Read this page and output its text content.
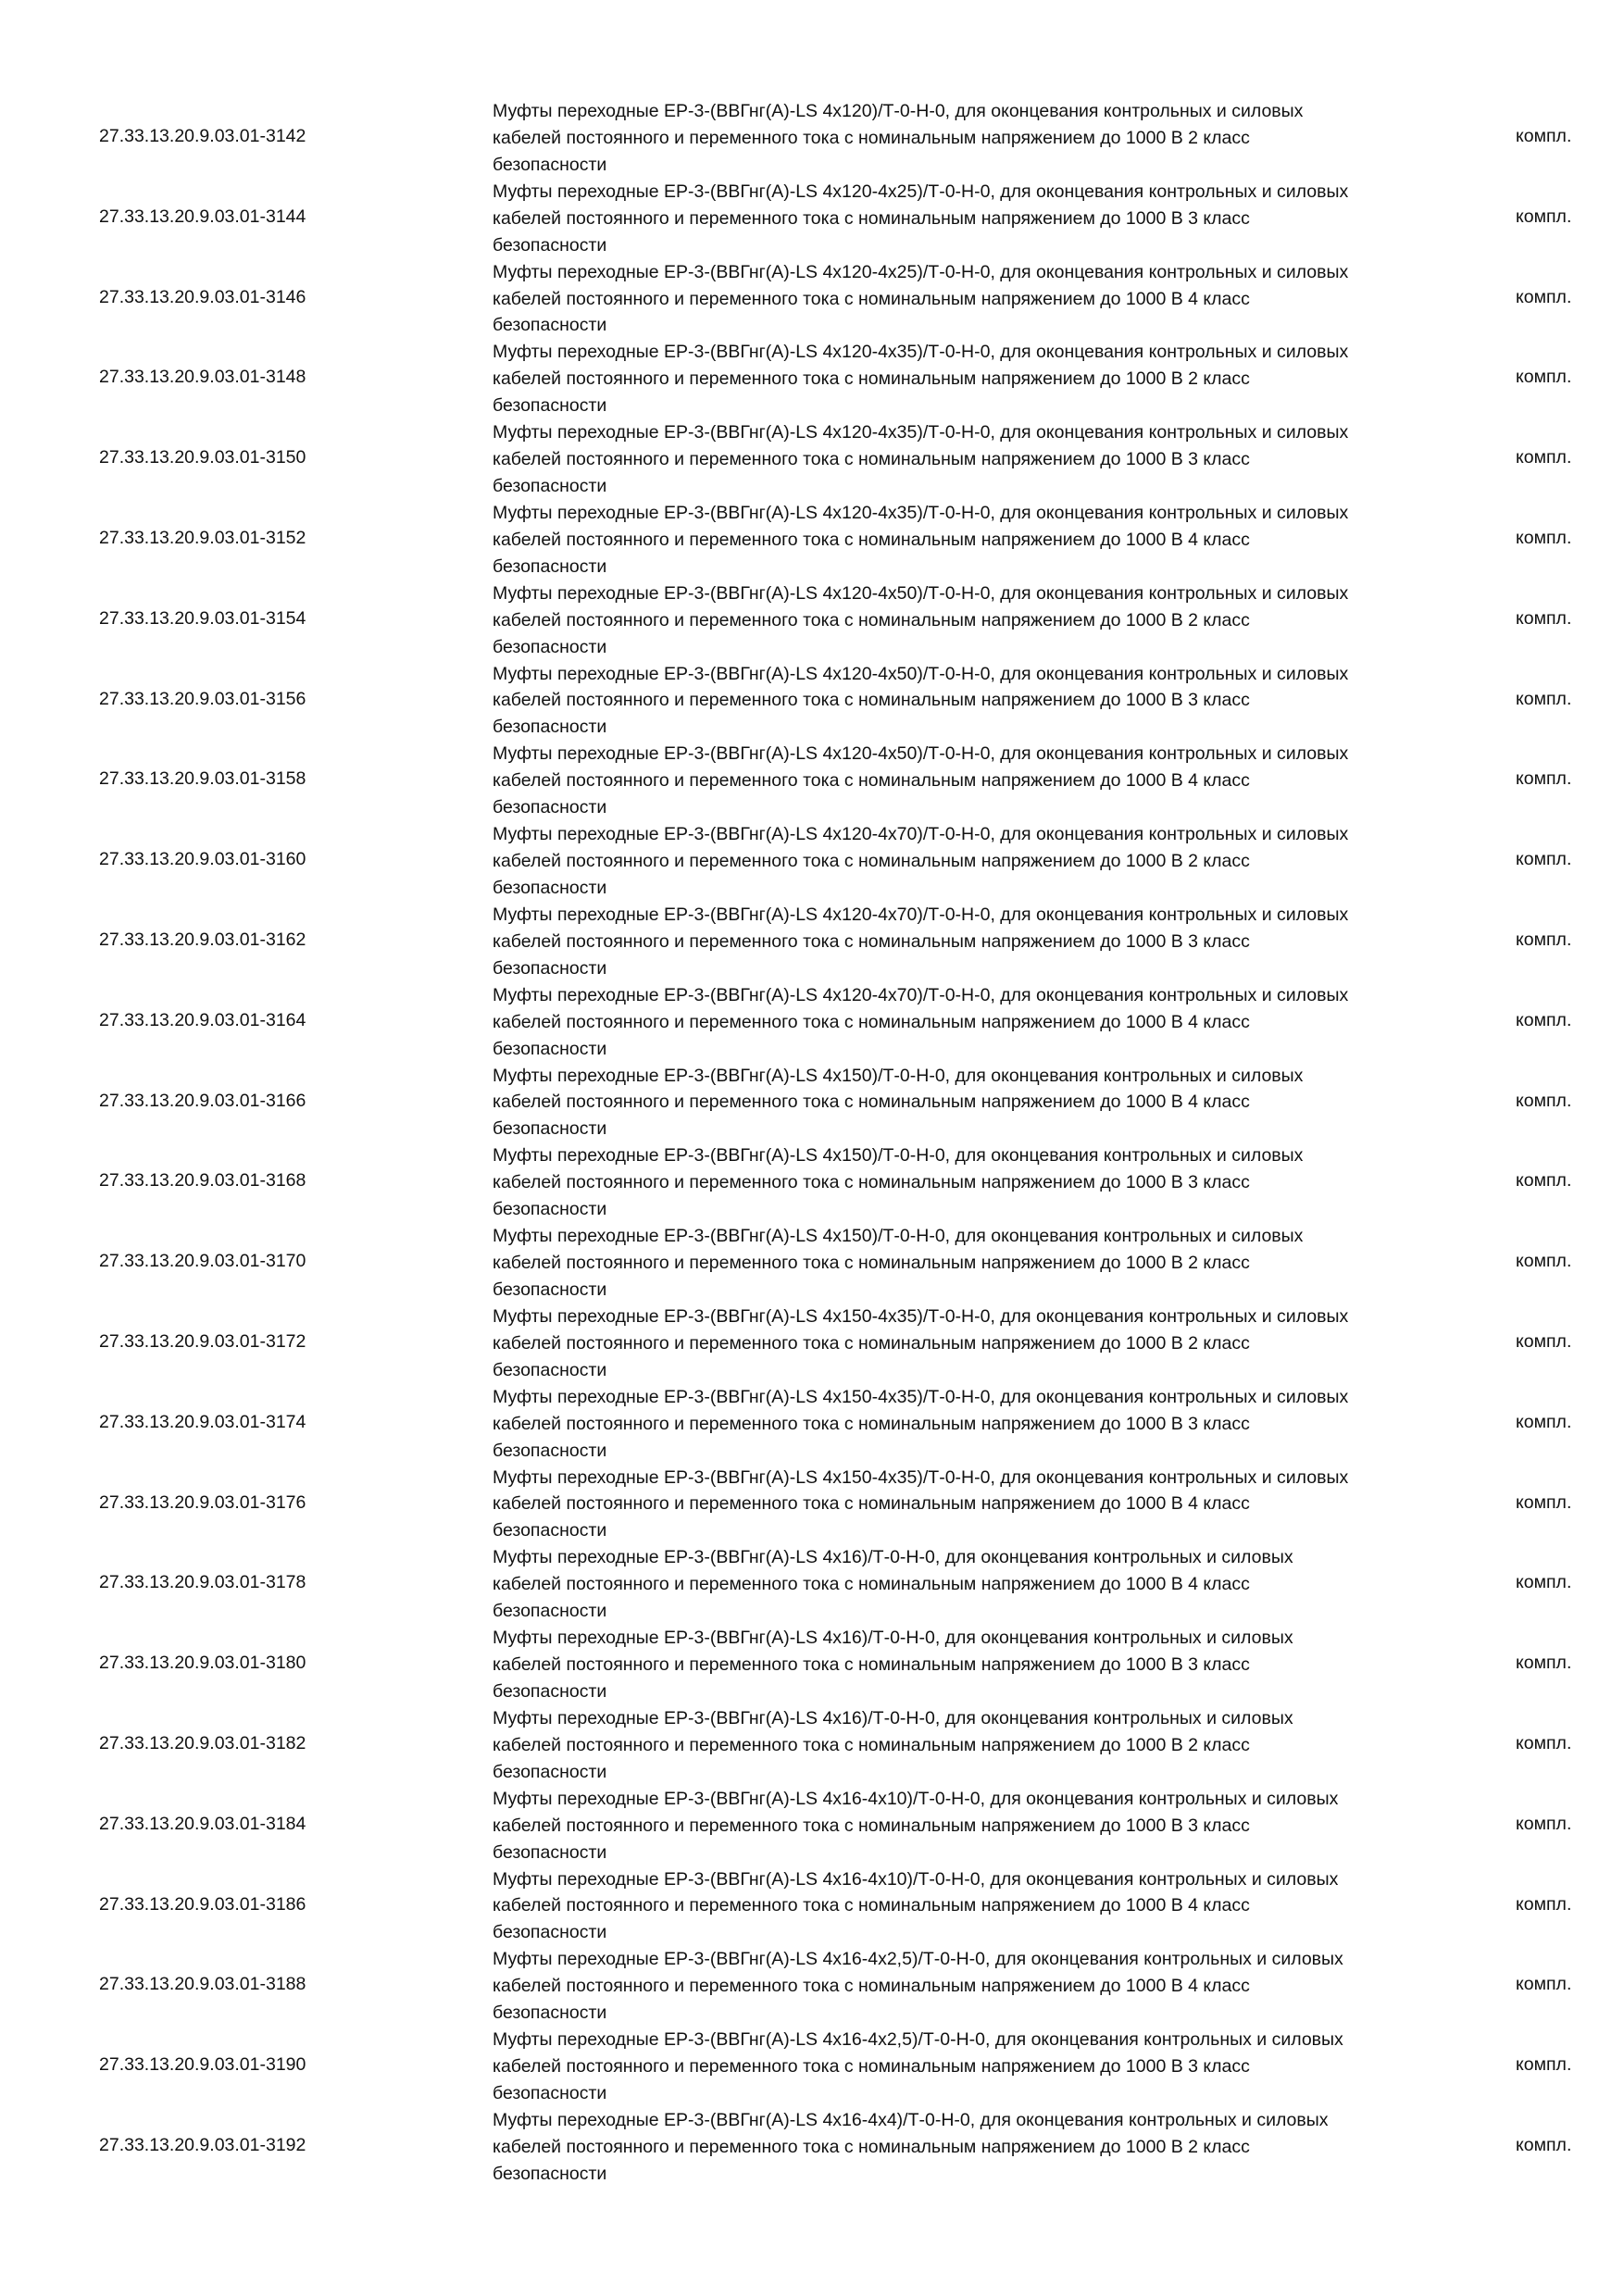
27.33.13.20.9.03.01-3142
Муфты переходные ЕР-3-(ВВГнг(А)-LS 4х120)/Т-0-Н-0, для оконцевания контрольных и силовых
кабелей постоянного и переменного тока с номинальным напряжением до 1000 В 2 класс
безопасности
компл.
27.33.13.20.9.03.01-3144
Муфты переходные ЕР-3-(ВВГнг(А)-LS 4х120-4х25)/Т-0-Н-0, для оконцевания контрольных и силовых
кабелей постоянного и переменного тока с номинальным напряжением до 1000 В 3 класс
безопасности
компл.
27.33.13.20.9.03.01-3146
Муфты переходные ЕР-3-(ВВГнг(А)-LS 4х120-4х25)/Т-0-Н-0, для оконцевания контрольных и силовых
кабелей постоянного и переменного тока с номинальным напряжением до 1000 В 4 класс
безопасности
компл.
27.33.13.20.9.03.01-3148
Муфты переходные ЕР-3-(ВВГнг(А)-LS 4х120-4х35)/Т-0-Н-0, для оконцевания контрольных и силовых
кабелей постоянного и переменного тока с номинальным напряжением до 1000 В 2 класс
безопасности
компл.
27.33.13.20.9.03.01-3150
Муфты переходные ЕР-3-(ВВГнг(А)-LS 4х120-4х35)/Т-0-Н-0, для оконцевания контрольных и силовых
кабелей постоянного и переменного тока с номинальным напряжением до 1000 В 3 класс
безопасности
компл.
27.33.13.20.9.03.01-3152
Муфты переходные ЕР-3-(ВВГнг(А)-LS 4х120-4х35)/Т-0-Н-0, для оконцевания контрольных и силовых
кабелей постоянного и переменного тока с номинальным напряжением до 1000 В 4 класс
безопасности
компл.
27.33.13.20.9.03.01-3154
Муфты переходные ЕР-3-(ВВГнг(А)-LS 4х120-4х50)/Т-0-Н-0, для оконцевания контрольных и силовых
кабелей постоянного и переменного тока с номинальным напряжением до 1000 В 2 класс
безопасности
компл.
27.33.13.20.9.03.01-3156
Муфты переходные ЕР-3-(ВВГнг(А)-LS 4х120-4х50)/Т-0-Н-0, для оконцевания контрольных и силовых
кабелей постоянного и переменного тока с номинальным напряжением до 1000 В 3 класс
безопасности
компл.
27.33.13.20.9.03.01-3158
Муфты переходные ЕР-3-(ВВГнг(А)-LS 4х120-4х50)/Т-0-Н-0, для оконцевания контрольных и силовых
кабелей постоянного и переменного тока с номинальным напряжением до 1000 В 4 класс
безопасности
компл.
27.33.13.20.9.03.01-3160
Муфты переходные ЕР-3-(ВВГнг(А)-LS 4х120-4х70)/Т-0-Н-0, для оконцевания контрольных и силовых
кабелей постоянного и переменного тока с номинальным напряжением до 1000 В 2 класс
безопасности
компл.
27.33.13.20.9.03.01-3162
Муфты переходные ЕР-3-(ВВГнг(А)-LS 4х120-4х70)/Т-0-Н-0, для оконцевания контрольных и силовых
кабелей постоянного и переменного тока с номинальным напряжением до 1000 В 3 класс
безопасности
компл.
27.33.13.20.9.03.01-3164
Муфты переходные ЕР-3-(ВВГнг(А)-LS 4х120-4х70)/Т-0-Н-0, для оконцевания контрольных и силовых
кабелей постоянного и переменного тока с номинальным напряжением до 1000 В 4 класс
безопасности
компл.
27.33.13.20.9.03.01-3166
Муфты переходные ЕР-3-(ВВГнг(А)-LS 4х150)/Т-0-Н-0, для оконцевания контрольных и силовых
кабелей постоянного и переменного тока с номинальным напряжением до 1000 В 4 класс
безопасности
компл.
27.33.13.20.9.03.01-3168
Муфты переходные ЕР-3-(ВВГнг(А)-LS 4х150)/Т-0-Н-0, для оконцевания контрольных и силовых
кабелей постоянного и переменного тока с номинальным напряжением до 1000 В 3 класс
безопасности
компл.
27.33.13.20.9.03.01-3170
Муфты переходные ЕР-3-(ВВГнг(А)-LS 4х150)/Т-0-Н-0, для оконцевания контрольных и силовых
кабелей постоянного и переменного тока с номинальным напряжением до 1000 В 2 класс
безопасности
компл.
27.33.13.20.9.03.01-3172
Муфты переходные ЕР-3-(ВВГнг(А)-LS 4х150-4х35)/Т-0-Н-0, для оконцевания контрольных и силовых
кабелей постоянного и переменного тока с номинальным напряжением до 1000 В 2 класс
безопасности
компл.
27.33.13.20.9.03.01-3174
Муфты переходные ЕР-3-(ВВГнг(А)-LS 4х150-4х35)/Т-0-Н-0, для оконцевания контрольных и силовых
кабелей постоянного и переменного тока с номинальным напряжением до 1000 В 3 класс
безопасности
компл.
27.33.13.20.9.03.01-3176
Муфты переходные ЕР-3-(ВВГнг(А)-LS 4х150-4х35)/Т-0-Н-0, для оконцевания контрольных и силовых
кабелей постоянного и переменного тока с номинальным напряжением до 1000 В 4 класс
безопасности
компл.
27.33.13.20.9.03.01-3178
Муфты переходные ЕР-3-(ВВГнг(А)-LS 4х16)/Т-0-Н-0, для оконцевания контрольных и силовых
кабелей постоянного и переменного тока с номинальным напряжением до 1000 В 4 класс
безопасности
компл.
27.33.13.20.9.03.01-3180
Муфты переходные ЕР-3-(ВВГнг(А)-LS 4х16)/Т-0-Н-0, для оконцевания контрольных и силовых
кабелей постоянного и переменного тока с номинальным напряжением до 1000 В 3 класс
безопасности
компл.
27.33.13.20.9.03.01-3182
Муфты переходные ЕР-3-(ВВГнг(А)-LS 4х16)/Т-0-Н-0, для оконцевания контрольных и силовых
кабелей постоянного и переменного тока с номинальным напряжением до 1000 В 2 класс
безопасности
компл.
27.33.13.20.9.03.01-3184
Муфты переходные ЕР-3-(ВВГнг(А)-LS 4х16-4х10)/Т-0-Н-0, для оконцевания контрольных и силовых
кабелей постоянного и переменного тока с номинальным напряжением до 1000 В 3 класс
безопасности
компл.
27.33.13.20.9.03.01-3186
Муфты переходные ЕР-3-(ВВГнг(А)-LS 4х16-4х10)/Т-0-Н-0, для оконцевания контрольных и силовых
кабелей постоянного и переменного тока с номинальным напряжением до 1000 В 4 класс
безопасности
компл.
27.33.13.20.9.03.01-3188
Муфты переходные ЕР-3-(ВВГнг(А)-LS 4х16-4х2,5)/Т-0-Н-0, для оконцевания контрольных и силовых
кабелей постоянного и переменного тока с номинальным напряжением до 1000 В 4 класс
безопасности
компл.
27.33.13.20.9.03.01-3190
Муфты переходные ЕР-3-(ВВГнг(А)-LS 4х16-4х2,5)/Т-0-Н-0, для оконцевания контрольных и силовых
кабелей постоянного и переменного тока с номинальным напряжением до 1000 В 3 класс
безопасности
компл.
27.33.13.20.9.03.01-3192
Муфты переходные ЕР-3-(ВВГнг(А)-LS 4х16-4х4)/Т-0-Н-0, для оконцевания контрольных и силовых
кабелей постоянного и переменного тока с номинальным напряжением до 1000 В 2 класс
безопасности
компл.
